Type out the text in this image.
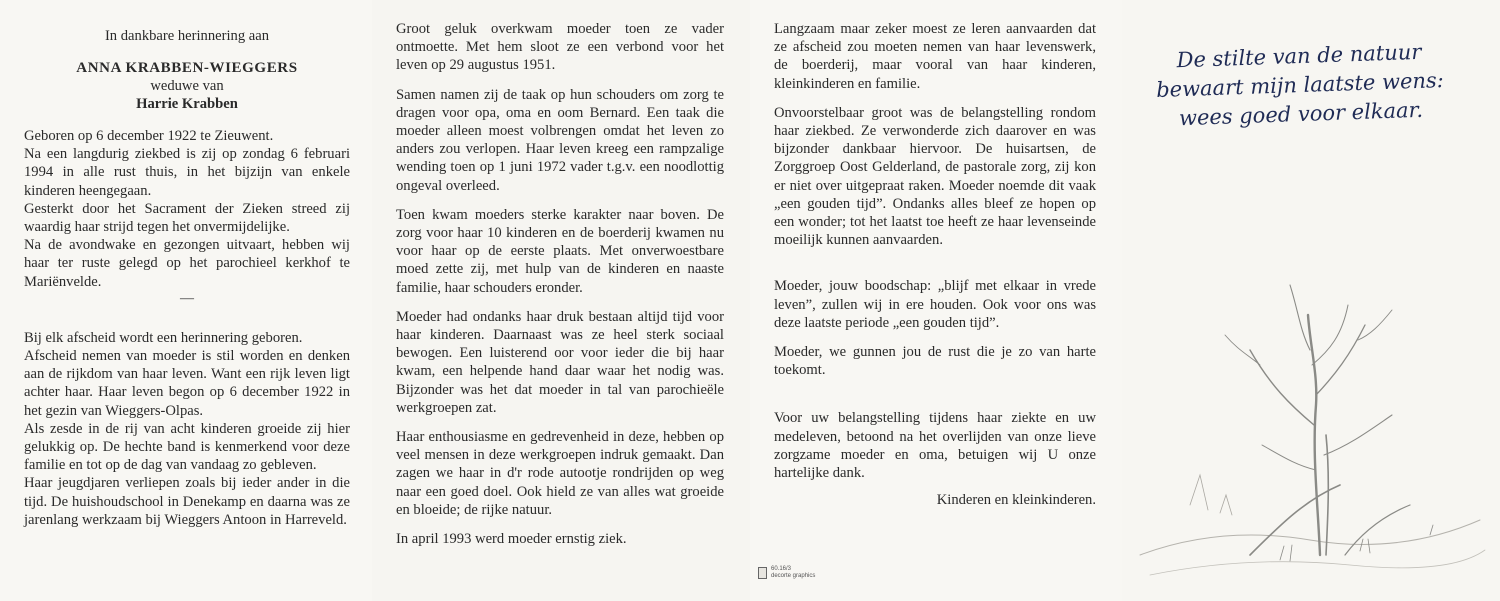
In dankbare herinnering aan
ANNA KRABBEN-WIEGGERS
weduwe van
Harrie Krabben

Geboren op 6 december 1922 te Zieuwent.

Na een langdurig ziekbed is zij op zondag 6 februari 1994 in alle rust thuis, in het bijzijn van enkele kinderen heengegaan.

Gesterkt door het Sacrament der Zieken streed zij waardig haar strijd tegen het onvermijdelijke.

Na de avondwake en gezongen uitvaart, hebben wij haar ter ruste gelegd op het parochieel kerkhof te Mariënvelde.

—

Bij elk afscheid wordt een herinnering geboren.

Afscheid nemen van moeder is stil worden en denken aan de rijkdom van haar leven. Want een rijk leven ligt achter haar. Haar leven begon op 6 december 1922 in het gezin van Wieggers-Olpas.

Als zesde in de rij van acht kinderen groeide zij hier gelukkig op. De hechte band is kenmerkend voor deze familie en tot op de dag van vandaag zo gebleven.

Haar jeugdjaren verliepen zoals bij ieder ander in die tijd. De huishoudschool in Denekamp en daarna was ze jarenlang werkzaam bij Wieggers Antoon in Harreveld.

Groot geluk overkwam moeder toen ze vader ontmoette. Met hem sloot ze een verbond voor het leven op 29 augustus 1951.

Samen namen zij de taak op hun schouders om zorg te dragen voor opa, oma en oom Bernard. Een taak die moeder alleen moest volbrengen omdat het leven zo anders zou verlopen. Haar leven kreeg een rampzalige wending toen op 1 juni 1972 vader t.g.v. een noodlottig ongeval overleed.

Toen kwam moeders sterke karakter naar boven. De zorg voor haar 10 kinderen en de boerderij kwamen nu voor haar op de eerste plaats. Met onverwoestbare moed zette zij, met hulp van de kinderen en naaste familie, haar schouders eronder.

Moeder had ondanks haar druk bestaan altijd tijd voor haar kinderen. Daarnaast was ze heel sterk sociaal bewogen. Een luisterend oor voor ieder die bij haar kwam, een helpende hand daar waar het nodig was. Bijzonder was het dat moeder in tal van parochieële werkgroepen zat.

Haar enthousiasme en gedrevenheid in deze, hebben op veel mensen in deze werkgroepen indruk gemaakt. Dan zagen we haar in d'r rode autootje rondrijden op weg naar een goed doel. Ook hield ze van alles wat groeide en bloeide; de rijke natuur.

In april 1993 werd moeder ernstig ziek.

Langzaam maar zeker moest ze leren aanvaarden dat ze afscheid zou moeten nemen van haar levenswerk, de boerderij, maar vooral van haar kinderen, kleinkinderen en familie.

Onvoorstelbaar groot was de belangstelling rondom haar ziekbed. Ze verwonderde zich daarover en was bijzonder dankbaar hiervoor. De huisartsen, de Zorggroep Oost Gelderland, de pastorale zorg, zij kon er niet over uitgepraat raken. Moeder noemde dit vaak „een gouden tijd”. Ondanks alles bleef ze hopen op een wonder; tot het laatst toe heeft ze haar levenseinde moeilijk kunnen aanvaarden.

Moeder, jouw boodschap: „blijf met elkaar in vrede leven”, zullen wij in ere houden. Ook voor ons was deze laatste periode „een gouden tijd”.

Moeder, we gunnen jou de rust die je zo van harte toekomt.

Voor uw belangstelling tijdens haar ziekte en uw medeleven, betoond na het overlijden van onze lieve zorgzame moeder en oma, betuigen wij U onze hartelijke dank.

Kinderen en kleinkinderen.
60.16/3
decorte graphics
De stilte van de natuur
bewaart mijn laatste wens:
wees goed voor elkaar.
